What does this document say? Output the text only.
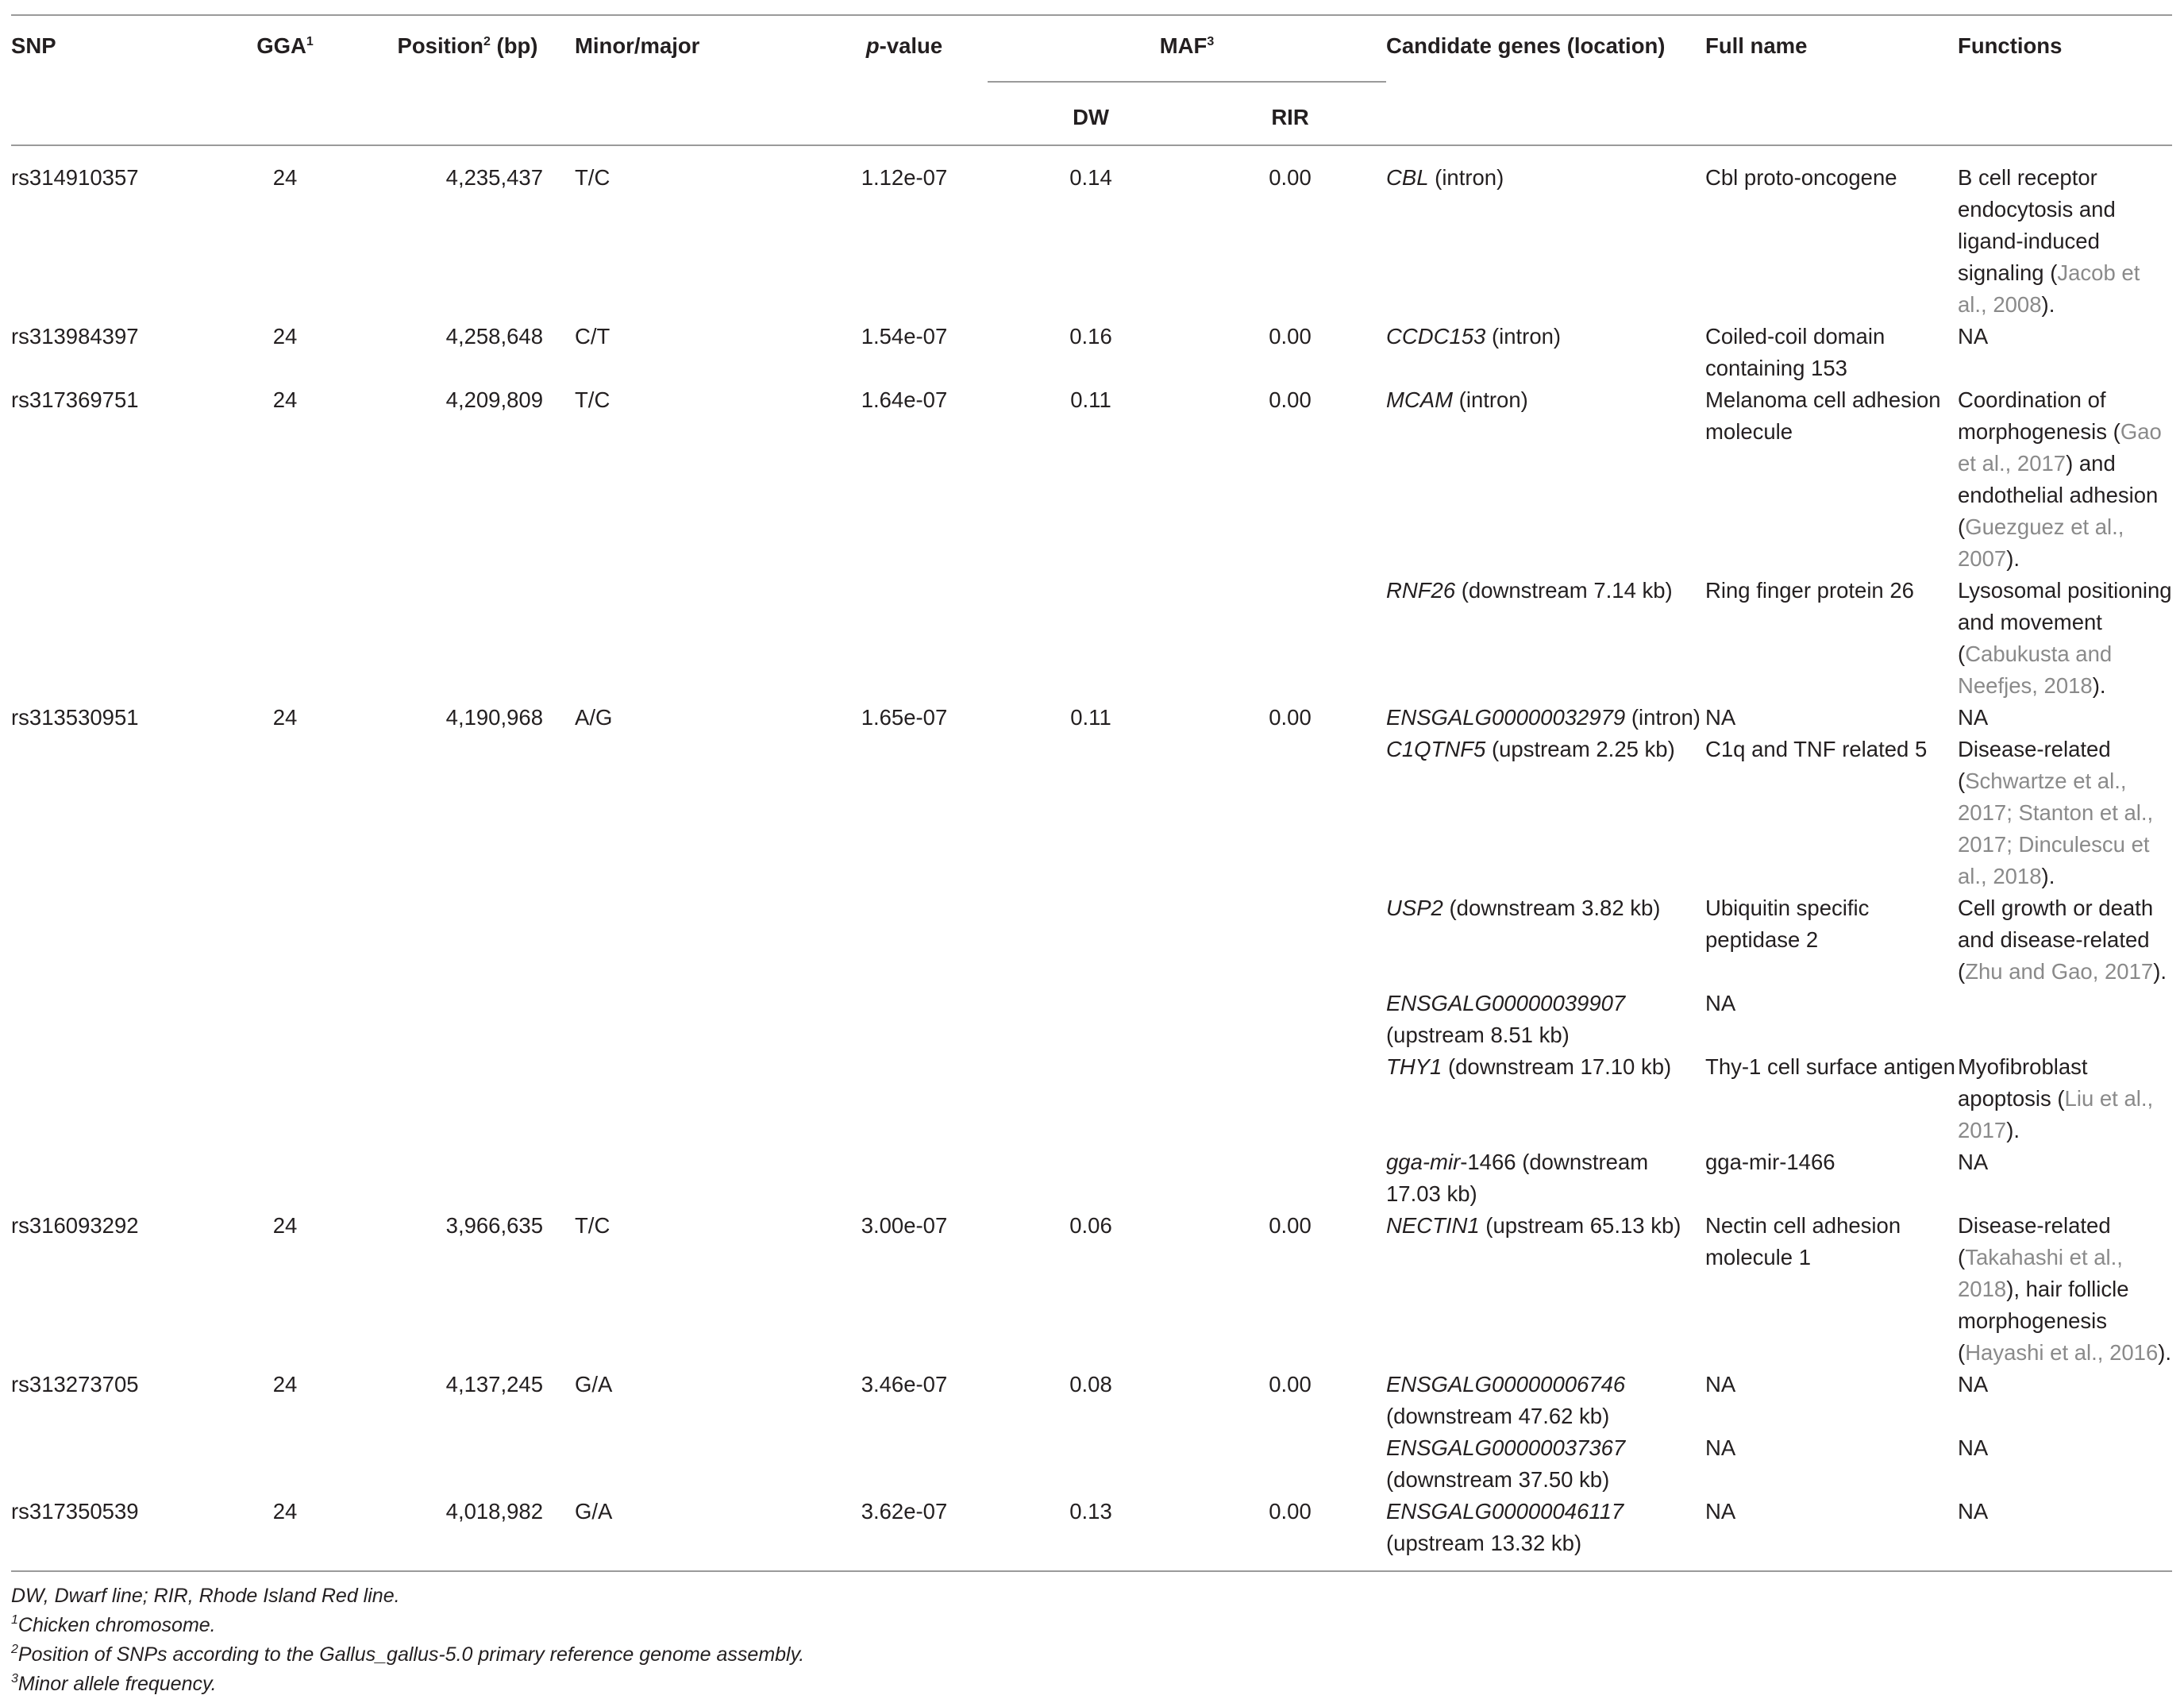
SNP	GGA$^1$	Position$^2$ (bp)	Minor/major	p-value	MAF$^3$		Candidate genes (location)	Full name	Functions
					DW	RIR			
rs314910357	24	4,235,437	T/C	1.12e-07	0.14	0.00	CBL (intron)	Cbl proto-oncogene	B cell receptor endocytosis and ligand-induced signaling (Jacob et al., 2008).
rs313984397	24	4,258,648	C/T	1.54e-07	0.16	0.00	CCDC153 (intron)	Coiled-coil domain containing 153	NA
rs317369751	24	4,209,809	T/C	1.64e-07	0.11	0.00	MCAM (intron)	Melanoma cell adhesion molecule	Coordination of morphogenesis (Gao et al., 2017) and endothelial adhesion (Guezguez et al., 2007).
							RNF26 (downstream 7.14 kb)	Ring finger protein 26	Lysosomal positioning and movement (Cabukusta and Neefjes, 2018).
rs313530951	24	4,190,968	A/G	1.65e-07	0.11	0.00	ENSGALG00000032979 (intron)	NA	NA
							C1QTNF5 (upstream 2.25 kb)	C1q and TNF related 5	Disease-related (Schwartze et al., 2017; Stanton et al., 2017; Dinculescu et al., 2018).
							USP2 (downstream 3.82 kb)	Ubiquitin specific peptidase 2	Cell growth or death and disease-related (Zhu and Gao, 2017).
							ENSGALG00000039907 (upstream 8.51 kb)	NA	
							THY1 (downstream 17.10 kb)	Thy-1 cell surface antigen	Myofibroblast apoptosis (Liu et al., 2017).
							gga-mir-1466 (downstream 17.03 kb)	gga-mir-1466	NA
rs316093292	24	3,966,635	T/C	3.00e-07	0.06	0.00	NECTIN1 (upstream 65.13 kb)	Nectin cell adhesion molecule 1	Disease-related (Takahashi et al., 2018), hair follicle morphogenesis (Hayashi et al., 2016).
rs313273705	24	4,137,245	G/A	3.46e-07	0.08	0.00	ENSGALG00000006746 (downstream 47.62 kb)	NA	NA
							ENSGALG00000037367 (downstream 37.50 kb)	NA	NA
rs317350539	24	4,018,982	G/A	3.62e-07	0.13	0.00	ENSGALG00000046117 (upstream 13.32 kb)	NA	NA

DW, Dwarf line; RIR, Rhode Island Red line.
$^1$Chicken chromosome.
$^2$Position of SNPs according to the Gallus_gallus-5.0 primary reference genome assembly.
$^3$Minor allele frequency.									
